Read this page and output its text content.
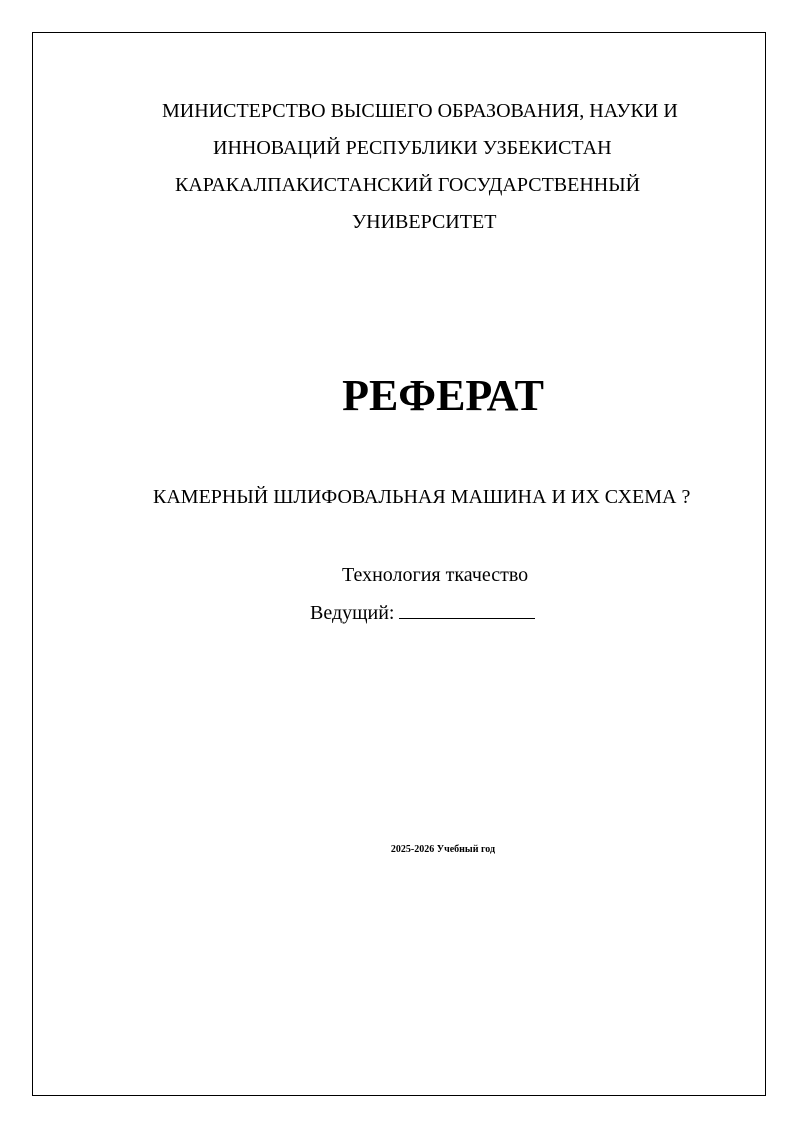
МИНИСТЕРСТВО ВЫСШЕГО ОБРАЗОВАНИЯ, НАУКИ И
ИННОВАЦИЙ РЕСПУБЛИКИ УЗБЕКИСТАН
КАРАКАЛПАКИСТАНСКИЙ ГОСУДАРСТВЕННЫЙ
УНИВЕРСИТЕТ
РЕФЕРАТ
КАМЕРНЫЙ ШЛИФОВАЛЬНАЯ МАШИНА И ИХ СХЕМА ?
Технология ткачество
Ведущий:
2025-2026 Учебный год
